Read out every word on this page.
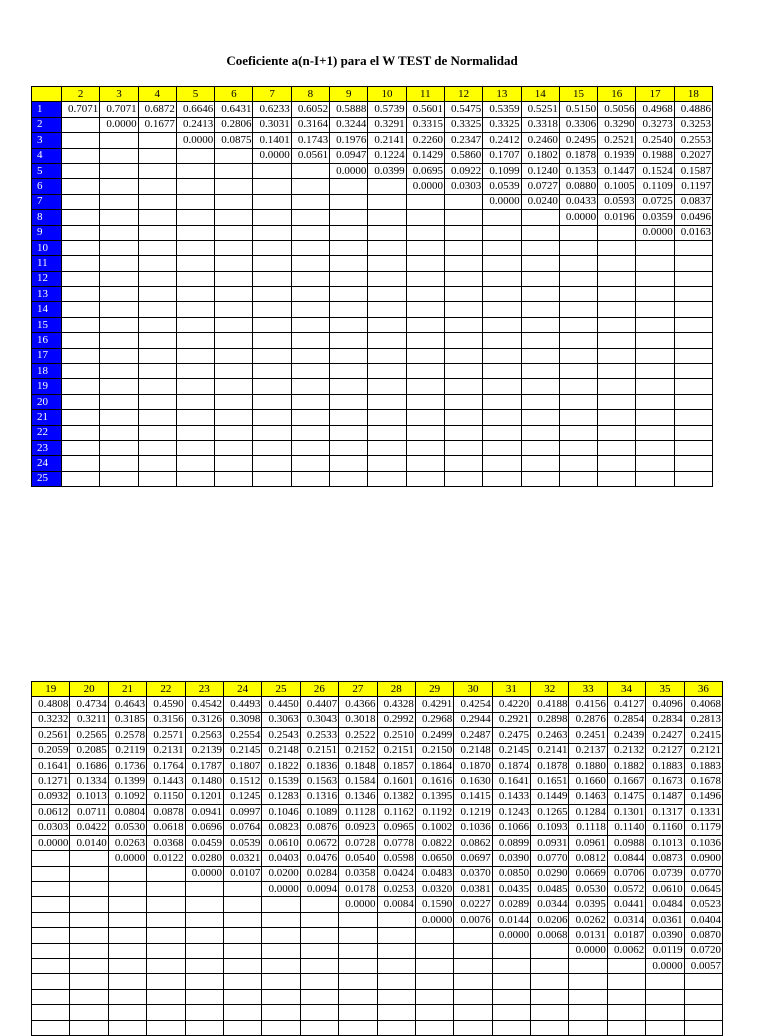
Coeficiente a(n-I+1) para el W TEST de Normalidad
	2	3	4	5	6	7	8	9	10	11	12	13	14	15	16	17	18
1	0.7071	0.7071	0.6872	0.6646	0.6431	0.6233	0.6052	0.5888	0.5739	0.5601	0.5475	0.5359	0.5251	0.5150	0.5056	0.4968	0.4886
2		0.0000	0.1677	0.2413	0.2806	0.3031	0.3164	0.3244	0.3291	0.3315	0.3325	0.3325	0.3318	0.3306	0.3290	0.3273	0.3253
3				0.0000	0.0875	0.1401	0.1743	0.1976	0.2141	0.2260	0.2347	0.2412	0.2460	0.2495	0.2521	0.2540	0.2553
4						0.0000	0.0561	0.0947	0.1224	0.1429	0.5860	0.1707	0.1802	0.1878	0.1939	0.1988	0.2027
5								0.0000	0.0399	0.0695	0.0922	0.1099	0.1240	0.1353	0.1447	0.1524	0.1587
6										0.0000	0.0303	0.0539	0.0727	0.0880	0.1005	0.1109	0.1197
7												0.0000	0.0240	0.0433	0.0593	0.0725	0.0837
8														0.0000	0.0196	0.0359	0.0496
9																0.0000	0.0163
10																	
11																	
12																	
13																	
14																	
15																	
16																	
17																	
18																	
19																	
20																	
21																	
22																	
23																	
24																	
25																	
19	20	21	22	23	24	25	26	27	28	29	30	31	32	33	34	35	36
0.4808	0.4734	0.4643	0.4590	0.4542	0.4493	0.4450	0.4407	0.4366	0.4328	0.4291	0.4254	0.4220	0.4188	0.4156	0.4127	0.4096	0.4068
0.3232	0.3211	0.3185	0.3156	0.3126	0.3098	0.3063	0.3043	0.3018	0.2992	0.2968	0.2944	0.2921	0.2898	0.2876	0.2854	0.2834	0.2813
0.2561	0.2565	0.2578	0.2571	0.2563	0.2554	0.2543	0.2533	0.2522	0.2510	0.2499	0.2487	0.2475	0.2463	0.2451	0.2439	0.2427	0.2415
0.2059	0.2085	0.2119	0.2131	0.2139	0.2145	0.2148	0.2151	0.2152	0.2151	0.2150	0.2148	0.2145	0.2141	0.2137	0.2132	0.2127	0.2121
0.1641	0.1686	0.1736	0.1764	0.1787	0.1807	0.1822	0.1836	0.1848	0.1857	0.1864	0.1870	0.1874	0.1878	0.1880	0.1882	0.1883	0.1883
0.1271	0.1334	0.1399	0.1443	0.1480	0.1512	0.1539	0.1563	0.1584	0.1601	0.1616	0.1630	0.1641	0.1651	0.1660	0.1667	0.1673	0.1678
0.0932	0.1013	0.1092	0.1150	0.1201	0.1245	0.1283	0.1316	0.1346	0.1382	0.1395	0.1415	0.1433	0.1449	0.1463	0.1475	0.1487	0.1496
0.0612	0.0711	0.0804	0.0878	0.0941	0.0997	0.1046	0.1089	0.1128	0.1162	0.1192	0.1219	0.1243	0.1265	0.1284	0.1301	0.1317	0.1331
0.0303	0.0422	0.0530	0.0618	0.0696	0.0764	0.0823	0.0876	0.0923	0.0965	0.1002	0.1036	0.1066	0.1093	0.1118	0.1140	0.1160	0.1179
0.0000	0.0140	0.0263	0.0368	0.0459	0.0539	0.0610	0.0672	0.0728	0.0778	0.0822	0.0862	0.0899	0.0931	0.0961	0.0988	0.1013	0.1036
		0.0000	0.0122	0.0280	0.0321	0.0403	0.0476	0.0540	0.0598	0.0650	0.0697	0.0390	0.0770	0.0812	0.0844	0.0873	0.0900
				0.0000	0.0107	0.0200	0.0284	0.0358	0.0424	0.0483	0.0370	0.0850	0.0290	0.0669	0.0706	0.0739	0.0770
						0.0000	0.0094	0.0178	0.0253	0.0320	0.0381	0.0435	0.0485	0.0530	0.0572	0.0610	0.0645
								0.0000	0.0084	0.1590	0.0227	0.0289	0.0344	0.0395	0.0441	0.0484	0.0523
										0.0000	0.0076	0.0144	0.0206	0.0262	0.0314	0.0361	0.0404
												0.0000	0.0068	0.0131	0.0187	0.0390	0.0870
														0.0000	0.0062	0.0119	0.0720
																0.0000	0.0057
